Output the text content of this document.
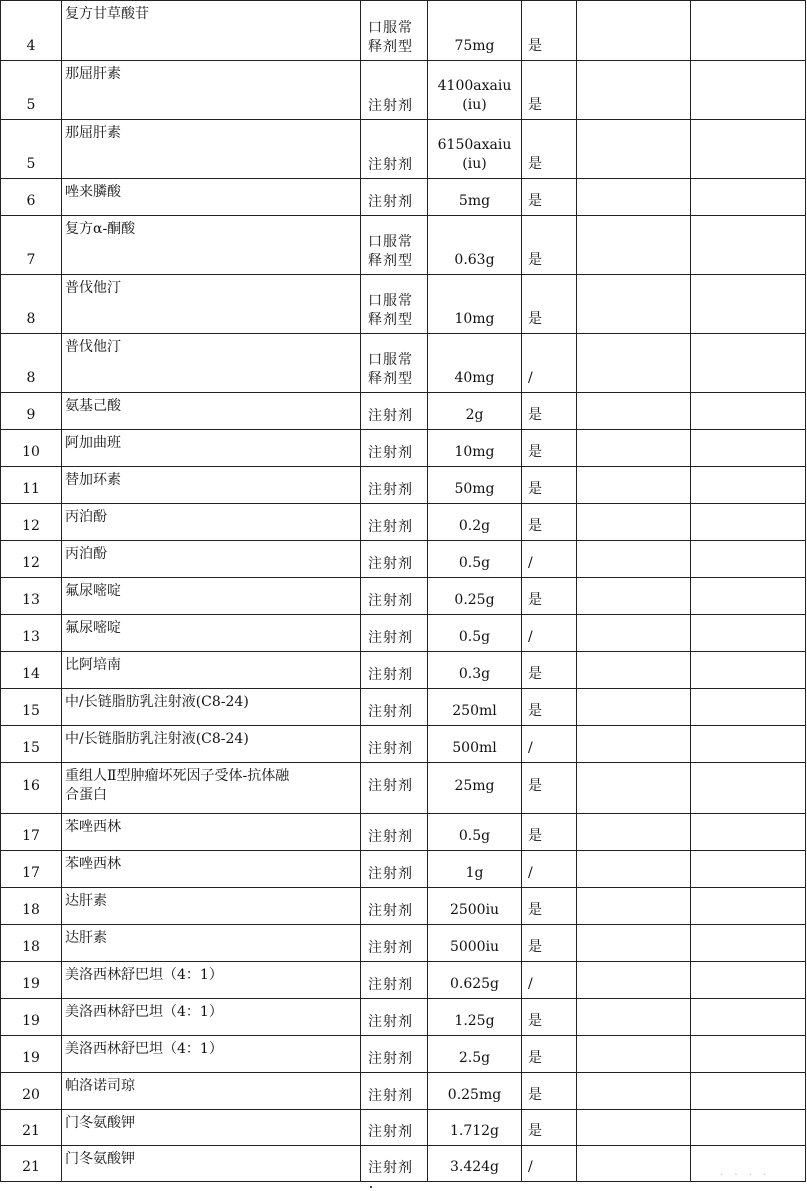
4	复方甘草酸苷	口服常释剂型	75mg	是		
5	那屈肝素	注射剂	4100axaiu (iu)	是		
5	那屈肝素	注射剂	6150axaiu (iu)	是		
6	唑来膦酸	注射剂	5mg	是		
7	复方α-酮酸	口服常释剂型	0.63g	是		
8	普伐他汀	口服常释剂型	10mg	是		
8	普伐他汀	口服常释剂型	40mg	/		
9	氨基己酸	注射剂	2g	是		
10	阿加曲班	注射剂	10mg	是		
11	替加环素	注射剂	50mg	是		
12	丙泊酚	注射剂	0.2g	是		
12	丙泊酚	注射剂	0.5g	/		
13	氟尿嘧啶	注射剂	0.25g	是		
13	氟尿嘧啶	注射剂	0.5g	/		
14	比阿培南	注射剂	0.3g	是		
15	中/长链脂肪乳注射液(C8-24)	注射剂	250ml	是		
15	中/长链脂肪乳注射液(C8-24)	注射剂	500ml	/		
16	重组人Ⅱ型肿瘤坏死因子受体-抗体融合蛋白	注射剂	25mg	是		
17	苯唑西林	注射剂	0.5g	是		
17	苯唑西林	注射剂	1g	/		
18	达肝素	注射剂	2500iu	是		
18	达肝素	注射剂	5000iu	是		
19	美洛西林舒巴坦（4：1）	注射剂	0.625g	/		
19	美洛西林舒巴坦（4：1）	注射剂	1.25g	是		
19	美洛西林舒巴坦（4：1）	注射剂	2.5g	是		
20	帕洛诺司琼	注射剂	0.25mg	是		
21	门冬氨酸钾	注射剂	1.712g	是		
21	门冬氨酸钾	注射剂	3.424g	/		
· · · ·
